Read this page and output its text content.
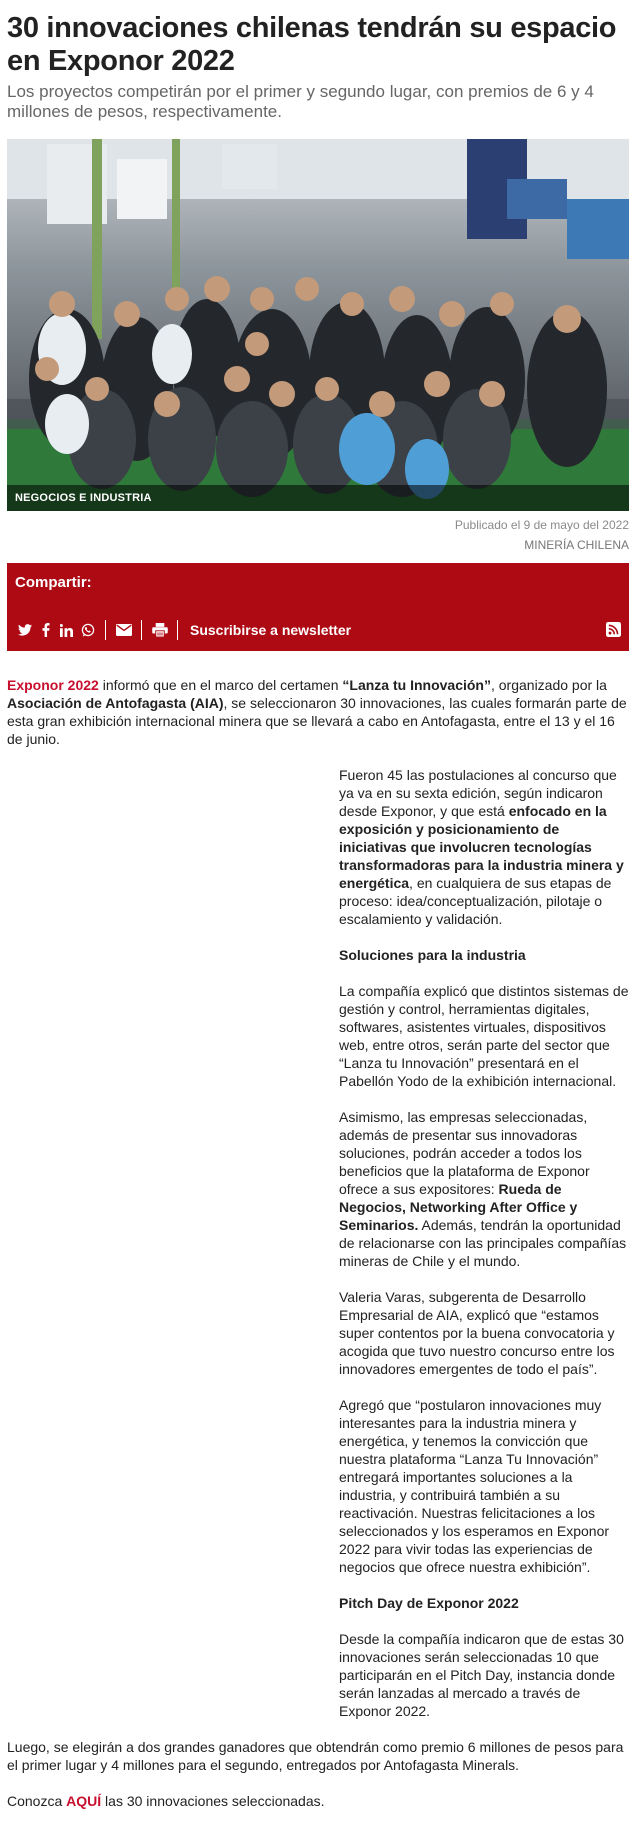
30 innovaciones chilenas tendrán su espacio en Exponor 2022

Los proyectos competirán por el primer y segundo lugar, con premios de 6 y 4 millones de pesos, respectivamente.

NEGOCIOS E INDUSTRIA
Publicado el 9 de mayo del 2022
MINERÍA CHILENA
Compartir:
Suscribirse a newsletter

Exponor 2022 informó que en el marco del certamen “Lanza tu Innovación”, organizado por la Asociación de Antofagasta (AIA), se seleccionaron 30 innovaciones, las cuales formarán parte de esta gran exhibición internacional minera que se llevará a cabo en Antofagasta, entre el 13 y el 16 de junio.

Fueron 45 las postulaciones al concurso que ya va en su sexta edición, según indicaron desde Exponor, y que está enfocado en la exposición y posicionamiento de iniciativas que involucren tecnologías transformadoras para la industria minera y energética, en cualquiera de sus etapas de proceso: idea/conceptualización, pilotaje o escalamiento y validación.

Soluciones para la industria

La compañía explicó que distintos sistemas de gestión y control, herramientas digitales, softwares, asistentes virtuales, dispositivos web, entre otros, serán parte del sector que “Lanza tu Innovación” presentará en el Pabellón Yodo de la exhibición internacional.

Asimismo, las empresas seleccionadas, además de presentar sus innovadoras soluciones, podrán acceder a todos los beneficios que la plataforma de Exponor ofrece a sus expositores: Rueda de Negocios, Networking After Office y Seminarios. Además, tendrán la oportunidad de relacionarse con las principales compañías mineras de Chile y el mundo.

Valeria Varas, subgerenta de Desarrollo Empresarial de AIA, explicó que “estamos super contentos por la buena convocatoria y acogida que tuvo nuestro concurso entre los innovadores emergentes de todo el país”.

Agregó que “postularon innovaciones muy interesantes para la industria minera y energética, y tenemos la convicción que nuestra plataforma “Lanza Tu Innovación” entregará importantes soluciones a la industria, y contribuirá también a su reactivación. Nuestras felicitaciones a los seleccionados y los esperamos en Exponor 2022 para vivir todas las experiencias de negocios que ofrece nuestra exhibición”.

Pitch Day de Exponor 2022

Desde la compañía indicaron que de estas 30 innovaciones serán seleccionadas 10 que participarán en el Pitch Day, instancia donde serán lanzadas al mercado a través de Exponor 2022.

Luego, se elegirán a dos grandes ganadores que obtendrán como premio 6 millones de pesos para el primer lugar y 4 millones para el segundo, entregados por Antofagasta Minerals.

Conozca AQUÍ las 30 innovaciones seleccionadas.
